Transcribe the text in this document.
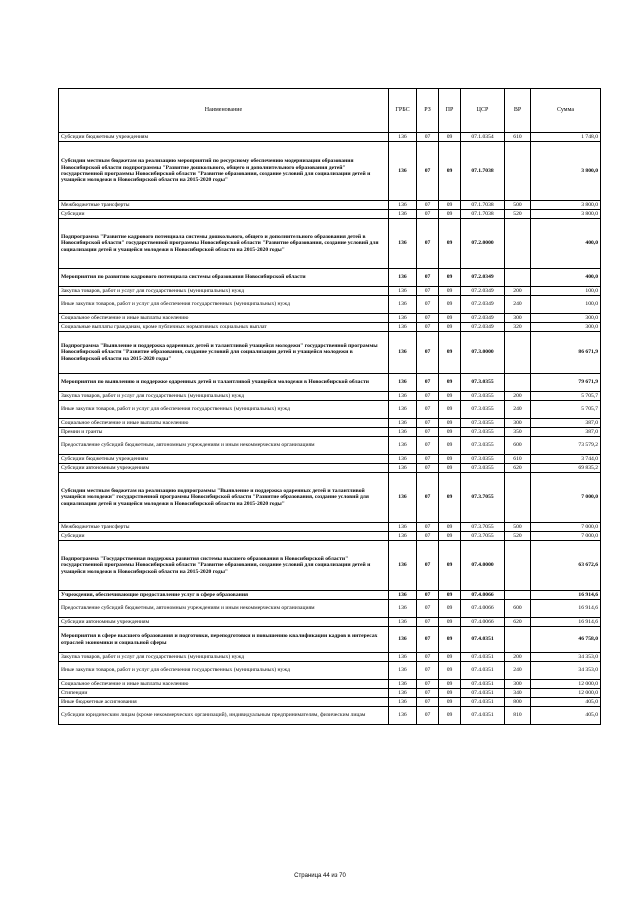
Наименование	ГРБС	РЗ	ПР	ЦСР	ВР	Сумма
Субсидии бюджетным учреждениям	136	07	09	07.1.0354	610	1 748,0
Субсидии местным бюджетам на реализацию мероприятий по ресурсному обеспечению модернизации образования Новосибирской области подпрограммы "Развитие дошкольного, общего и дополнительного образования детей" государственной программы Новосибирской области "Развитие образования, создание условий для социализации детей и учащейся молодежи в Новосибирской области на 2015-2020 годы"	136	07	09	07.1.7038		3 800,0
Межбюджетные трансферты	136	07	09	07.1.7038	500	3 800,0
Субсидии	136	07	09	07.1.7038	520	3 800,0
Подпрограмма "Развитие кадрового потенциала системы дошкольного, общего и дополнительного образования детей в Новосибирской области" государственной программы Новосибирской области "Развитие образования, создание условий для социализации детей и учащейся молодежи в Новосибирской области на 2015-2020 годы"	136	07	09	07.2.0000		400,0
Мероприятия по развитию кадрового потенциала системы образования Новосибирской области	136	07	09	07.2.0349		400,0
Закупка товаров, работ и услуг для государственных (муниципальных) нужд	136	07	09	07.2.0349	200	100,0
Иные закупки товаров, работ и услуг для обеспечения государственных (муниципальных) нужд	136	07	09	07.2.0349	240	100,0
Социальное обеспечение и иные выплаты населению	136	07	09	07.2.0349	300	300,0
Социальные выплаты гражданам, кроме публичных нормативных социальных выплат	136	07	09	07.2.0349	320	300,0
Подпрограмма "Выявление и поддержка одаренных детей и талантливой учащейся молодежи" государственной программы Новосибирской области "Развитие образования, создание условий для социализации детей и учащейся молодежи в Новосибирской области на 2015-2020 годы"	136	07	09	07.3.0000		86 671,9
Мероприятия по выявлению и поддержке одаренных детей и талантливой учащейся молодежи в Новосибирской области	136	07	09	07.3.0355		79 671,9
Закупка товаров, работ и услуг для государственных (муниципальных) нужд	136	07	09	07.3.0355	200	5 705,7
Иные закупки товаров, работ и услуг для обеспечения государственных (муниципальных) нужд	136	07	09	07.3.0355	240	5 705,7
Социальное обеспечение и иные выплаты населению	136	07	09	07.3.0355	300	387,0
Премии и гранты	136	07	09	07.3.0355	350	387,0
Предоставление субсидий бюджетным, автономным учреждениям и иным некоммерческим организациям	136	07	09	07.3.0355	600	73 579,2
Субсидии бюджетным учреждениям	136	07	09	07.3.0355	610	3 744,0
Субсидии автономным учреждениям	136	07	09	07.3.0355	620	69 835,2
Субсидии местным бюджетам на реализацию подпрограммы "Выявление и поддержка одаренных детей и талантливой учащейся молодежи" государственной программы Новосибирской области "Развитие образования, создание условий для социализации детей и учащейся молодежи в Новосибирской области на 2015-2020 годы"	136	07	09	07.3.7055		7 000,0
Межбюджетные трансферты	136	07	09	07.3.7055	500	7 000,0
Субсидии	136	07	09	07.3.7055	520	7 000,0
Подпрограмма "Государственная поддержка развития системы высшего образования в Новосибирской области" государственной программы Новосибирской области "Развитие образования, создание условий для социализации детей и учащейся молодежи в Новосибирской области на 2015-2020 годы"	136	07	09	07.4.0000		63 672,6
Учреждения, обеспечивающие предоставление услуг в сфере образования	136	07	09	07.4.0066		16 914,6
Предоставление субсидий бюджетным, автономным учреждениям и иным некоммерческим организациям	136	07	09	07.4.0066	600	16 914,6
Субсидии автономным учреждениям	136	07	09	07.4.0066	620	16 914,6
Мероприятия в сфере высшего образования и подготовки, переподготовки и повышению квалификации кадров в интересах отраслей экономики и социальной сферы	136	07	09	07.4.0351		46 758,0
Закупка товаров, работ и услуг для государственных (муниципальных) нужд	136	07	09	07.4.0351	200	34 353,0
Иные закупки товаров, работ и услуг для обеспечения государственных (муниципальных) нужд	136	07	09	07.4.0351	240	34 353,0
Социальное обеспечение и иные выплаты населению	136	07	09	07.4.0351	300	12 000,0
Стипендии	136	07	09	07.4.0351	340	12 000,0
Иные бюджетные ассигнования	136	07	09	07.4.0351	800	405,0
Субсидии юридическим лицам (кроме некоммерческих организаций), индивидуальным предпринимателям, физическим лицам	136	07	09	07.4.0351	810	405,0
Страница 44 из 70
